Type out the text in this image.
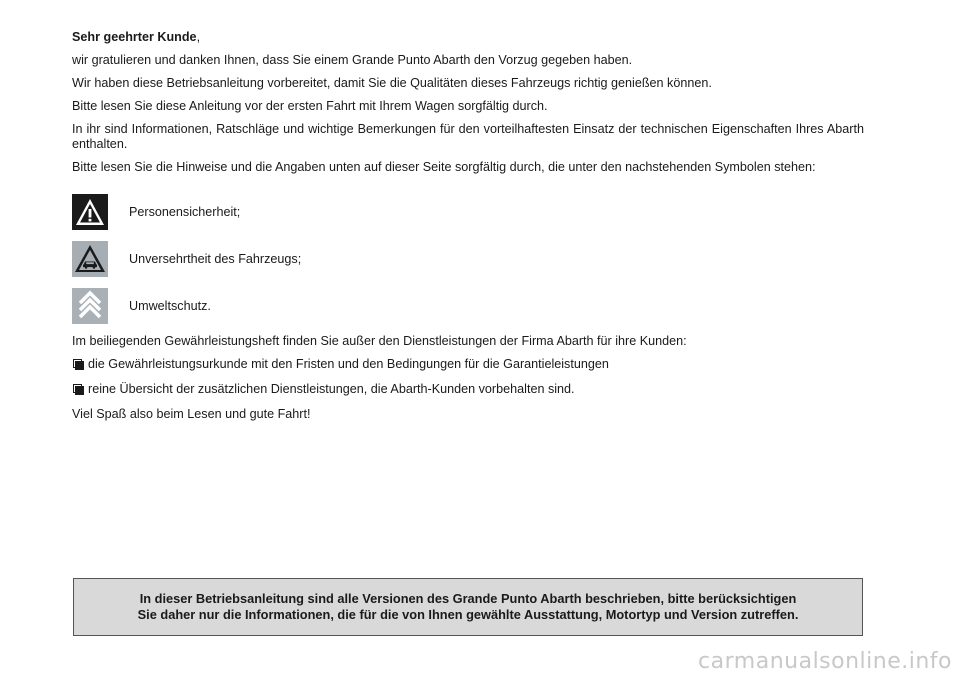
Sehr geehrter Kunde,

wir gratulieren und danken Ihnen, dass Sie einem Grande Punto Abarth den Vorzug gegeben haben.

Wir haben diese Betriebsanleitung vorbereitet, damit Sie die Qualitäten dieses Fahrzeugs richtig genießen können.

Bitte lesen Sie diese Anleitung vor der ersten Fahrt mit Ihrem Wagen sorgfältig durch.

In ihr sind Informationen, Ratschläge und wichtige Bemerkungen für den vorteilhaftesten Einsatz der technischen Eigenschaften Ihres Abarth enthalten.

Bitte lesen Sie die Hinweise und die Angaben unten auf dieser Seite sorgfältig durch, die unter den nachstehenden Symbolen stehen:

Personensicherheit;
Unversehrtheit des Fahrzeugs;
Umweltschutz.

Im beiliegenden Gewährleistungsheft finden Sie außer den Dienstleistungen der Firma Abarth für ihre Kunden:

die Gewährleistungsurkunde mit den Fristen und den Bedingungen für die Garantieleistungen

reine Übersicht der zusätzlichen Dienstleistungen, die Abarth-Kunden vorbehalten sind.

Viel Spaß also beim Lesen und gute Fahrt!

In dieser Betriebsanleitung sind alle Versionen des Grande Punto Abarth beschrieben, bitte berücksichtigen

Sie daher nur die Informationen, die für die von Ihnen gewählte Ausstattung, Motortyp und Version zutreffen.

carmanualsonline.info
